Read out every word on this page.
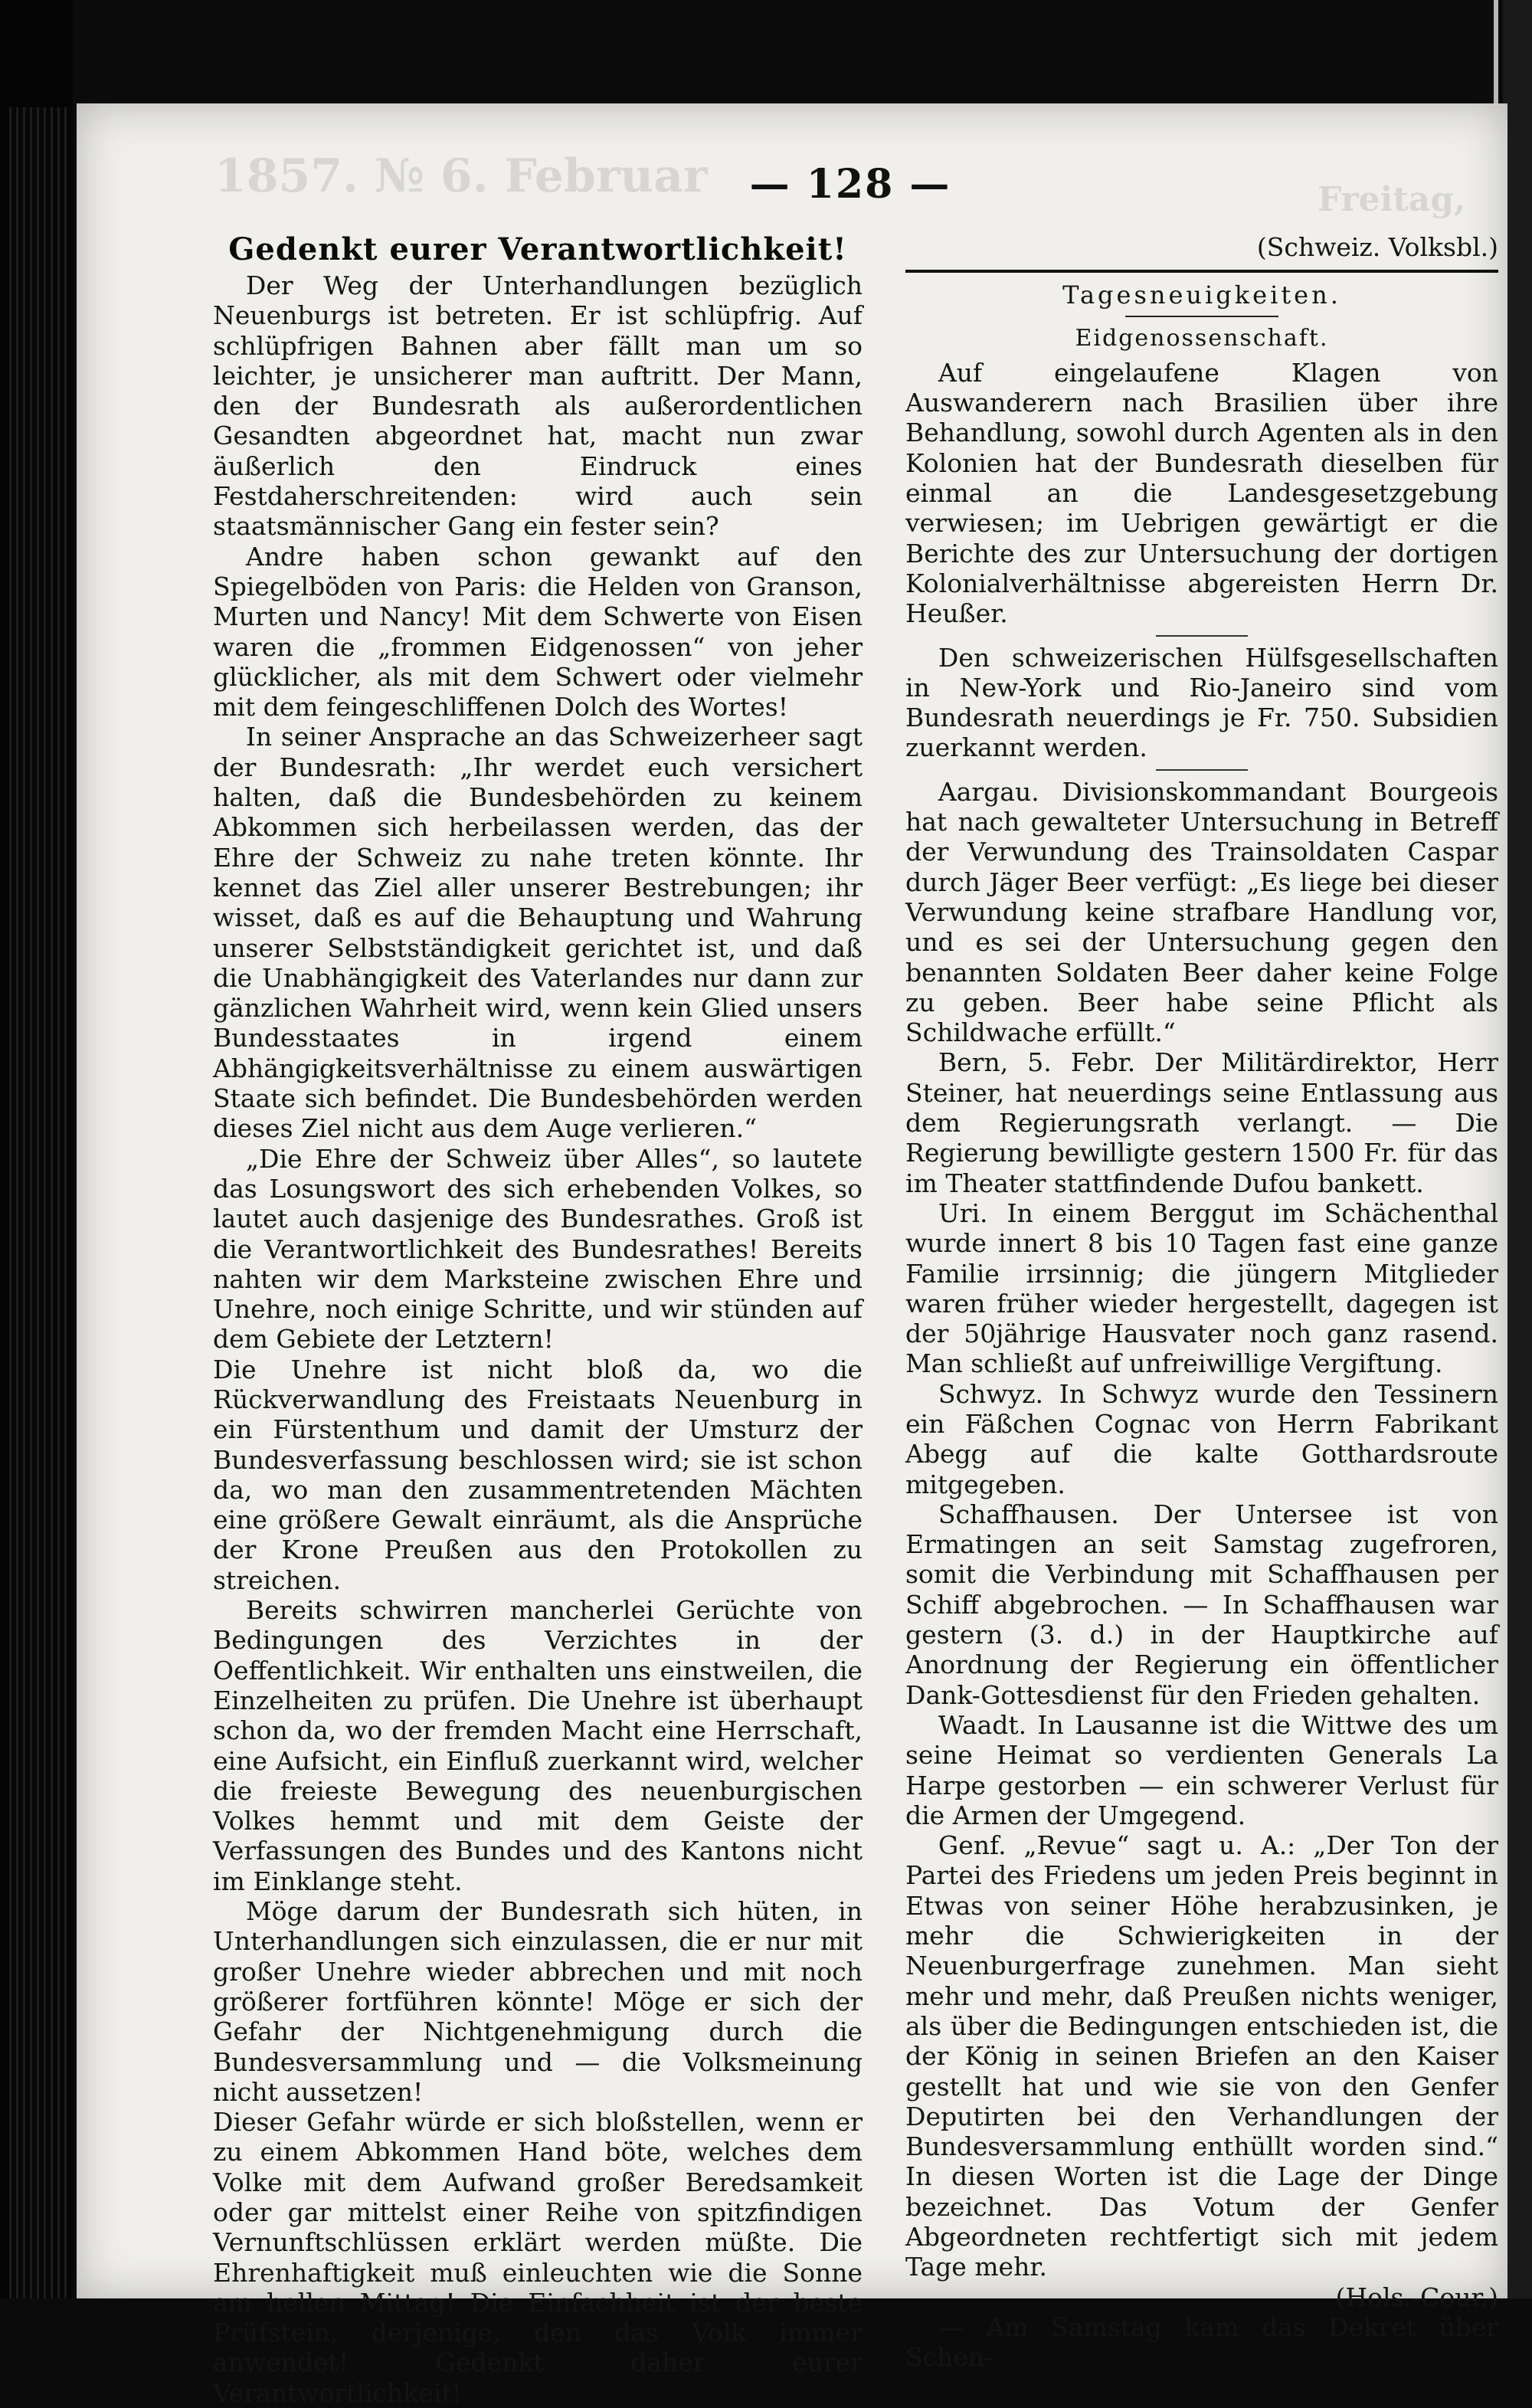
1857. № 6. Februar	Freitag,
— 128 —
Gedenkt eurer Verantwortlichkeit!

Der Weg der Unterhandlungen bezüglich Neuenburgs ist betreten. Er ist schlüpfrig. Auf schlüpfrigen Bahnen aber fällt man um so leichter, je unsicherer man auftritt. Der Mann, den der Bundesrath als außerordentlichen Gesandten abgeordnet hat, macht nun zwar äußerlich den Eindruck eines Festdaherschreitenden: wird auch sein staatsmännischer Gang ein fester sein?

Andre haben schon gewankt auf den Spiegelböden von Paris: die Helden von Granson, Murten und Nancy! Mit dem Schwerte von Eisen waren die „frommen Eidgenossen“ von jeher glücklicher, als mit dem Schwert oder vielmehr mit dem feingeschliffenen Dolch des Wortes!

In seiner Ansprache an das Schweizerheer sagt der Bundesrath: „Ihr werdet euch versichert halten, daß die Bundesbehörden zu keinem Abkommen sich herbeilassen werden, das der Ehre der Schweiz zu nahe treten könnte. Ihr kennet das Ziel aller unserer Bestrebungen; ihr wisset, daß es auf die Behauptung und Wahrung unserer Selbstständigkeit gerichtet ist, und daß die Unabhängigkeit des Vaterlandes nur dann zur gänzlichen Wahrheit wird, wenn kein Glied unsers Bundesstaates in irgend einem Abhängigkeitsverhältnisse zu einem auswärtigen Staate sich befindet. Die Bundesbehörden werden dieses Ziel nicht aus dem Auge verlieren.“

„Die Ehre der Schweiz über Alles“, so lautete das Losungswort des sich erhebenden Volkes, so lautet auch dasjenige des Bundesrathes. Groß ist die Verantwortlichkeit des Bundesrathes! Bereits nahten wir dem Marksteine zwischen Ehre und Unehre, noch einige Schritte, und wir stünden auf dem Gebiete der Letztern!

Die Unehre ist nicht bloß da, wo die Rückverwandlung des Freistaats Neuenburg in ein Fürstenthum und damit der Umsturz der Bundesverfassung beschlossen wird; sie ist schon da, wo man den zusammentretenden Mächten eine größere Gewalt einräumt, als die Ansprüche der Krone Preußen aus den Protokollen zu streichen.

Bereits schwirren mancherlei Gerüchte von Bedingungen des Verzichtes in der Oeffentlichkeit. Wir enthalten uns einstweilen, die Einzelheiten zu prüfen. Die Unehre ist überhaupt schon da, wo der fremden Macht eine Herrschaft, eine Aufsicht, ein Einfluß zuerkannt wird, welcher die freieste Bewegung des neuenburgischen Volkes hemmt und mit dem Geiste der Verfassungen des Bundes und des Kantons nicht im Einklange steht.

Möge darum der Bundesrath sich hüten, in Unterhandlungen sich einzulassen, die er nur mit großer Unehre wieder abbrechen und mit noch größerer fortführen könnte! Möge er sich der Gefahr der Nichtgenehmigung durch die Bundesversammlung und — die Volksmeinung nicht aussetzen!

Dieser Gefahr würde er sich bloßstellen, wenn er zu einem Abkommen Hand böte, welches dem Volke mit dem Aufwand großer Beredsamkeit oder gar mittelst einer Reihe von spitzfindigen Vernunftschlüssen erklärt werden müßte. Die Ehrenhaftigkeit muß einleuchten wie die Sonne am hellen Mittag! Die Einfachheit ist der beste Prüfstein, derjenige, den das Volk immer anwendet! Gedenkt daher eurer Verantwortlichkeit!

(Schweiz. Volksbl.)

Tagesneuigkeiten.
Eidgenossenschaft.

Auf eingelaufene Klagen von Auswanderern nach Brasilien über ihre Behandlung, sowohl durch Agenten als in den Kolonien hat der Bundesrath dieselben für einmal an die Landesgesetzgebung verwiesen; im Uebrigen gewärtigt er die Berichte des zur Untersuchung der dortigen Kolonialverhältnisse abgereisten Herrn Dr. Heußer.

Den schweizerischen Hülfsgesellschaften in New-York und Rio-Janeiro sind vom Bundesrath neuerdings je Fr. 750. Subsidien zuerkannt werden.

Aargau. Divisionskommandant Bourgeois hat nach gewalteter Untersuchung in Betreff der Verwundung des Trainsoldaten Caspar durch Jäger Beer verfügt: „Es liege bei dieser Verwundung keine strafbare Handlung vor, und es sei der Untersuchung gegen den benannten Soldaten Beer daher keine Folge zu geben. Beer habe seine Pflicht als Schildwache erfüllt.“

Bern, 5. Febr. Der Militärdirektor, Herr Steiner, hat neuerdings seine Entlassung aus dem Regierungsrath verlangt. — Die Regierung bewilligte gestern 1500 Fr. für das im Theater stattfindende Dufou bankett.

Uri. In einem Berggut im Schächenthal wurde innert 8 bis 10 Tagen fast eine ganze Familie irrsinnig; die jüngern Mitglieder waren früher wieder hergestellt, dagegen ist der 50jährige Hausvater noch ganz rasend. Man schließt auf unfreiwillige Vergiftung.

Schwyz. In Schwyz wurde den Tessinern ein Fäßchen Cognac von Herrn Fabrikant Abegg auf die kalte Gotthardsroute mitgegeben.

Schaffhausen. Der Untersee ist von Ermatingen an seit Samstag zugefroren, somit die Verbindung mit Schaffhausen per Schiff abgebrochen. — In Schaffhausen war gestern (3. d.) in der Hauptkirche auf Anordnung der Regierung ein öffentlicher Dank-Gottesdienst für den Frieden gehalten.

Waadt. In Lausanne ist die Wittwe des um seine Heimat so verdienten Generals La Harpe gestorben — ein schwerer Verlust für die Armen der Umgegend.

Genf. „Revue“ sagt u. A.: „Der Ton der Partei des Friedens um jeden Preis beginnt in Etwas von seiner Höhe herabzusinken, je mehr die Schwierigkeiten in der Neuenburgerfrage zunehmen. Man sieht mehr und mehr, daß Preußen nichts weniger, als über die Bedingungen entschieden ist, die der König in seinen Briefen an den Kaiser gestellt hat und wie sie von den Genfer Deputirten bei den Verhandlungen der Bundesversammlung enthüllt worden sind.“ In diesen Worten ist die Lage der Dinge bezeichnet. Das Votum der Genfer Abgeordneten rechtfertigt sich mit jedem Tage mehr.

(Hols.-Cour.)

— Am Samstag kam das Dekret über Schen-
